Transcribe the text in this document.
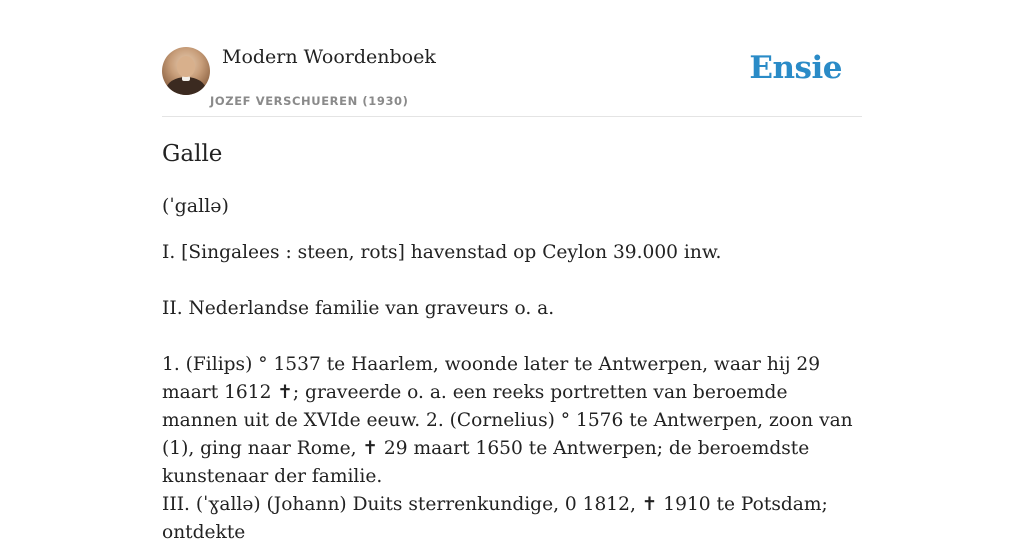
Modern Woordenboek
JOZEF VERSCHUEREN (1930)
Ensie
Galle
(ˈgallə)

I. [Singalees : steen, rots] havenstad op Ceylon 39.000 inw.

II. Nederlandse familie van graveurs o. a.

1. (Filips) ° 1537 te Haarlem, woonde later te Antwerpen, waar hij 29 maart 1612 ✝; graveerde o. a. een reeks portretten van beroemde mannen uit de XVIde eeuw. 2. (Cornelius) ° 1576 te Antwerpen, zoon van (1), ging naar Rome, ✝ 29 maart 1650 te Antwerpen; de beroemdste kunstenaar der familie.

III. (ˈɣallə) (Johann) Duits sterrenkundige, 0 1812, ✝ 1910 te Potsdam; ontdekte
